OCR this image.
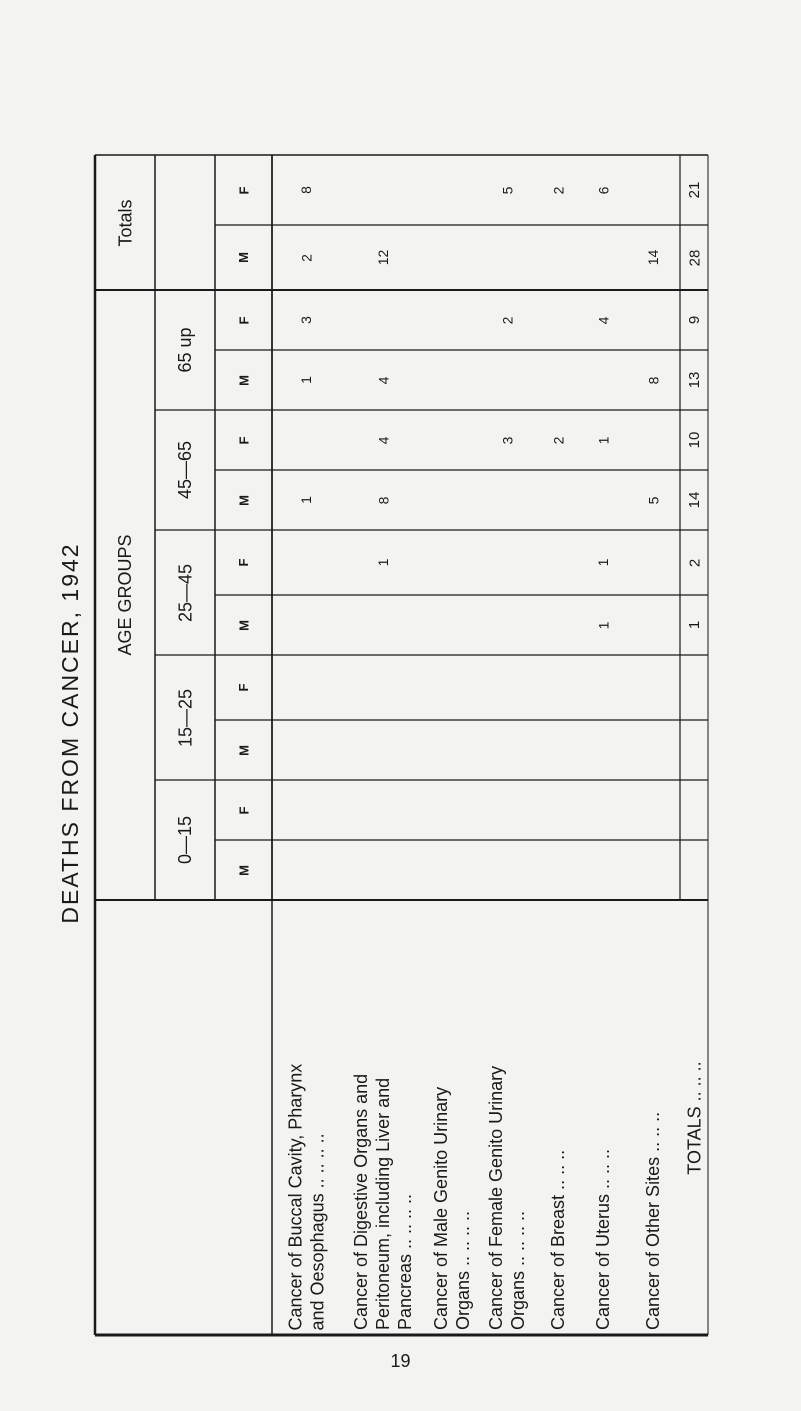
DEATHS FROM CANCER, 1942
Totals
AGE GROUPS
F
M
F
M
F
M
F
M
F
M
F
M
65 up
45—65
25—45
15—25
0—15
8
2
3
1
1
12
4
4
8
1
5
2
3
2
2
6
4
1
1
1
14
8
5
21
28
9
13
10
14
2
1
Cancer of Buccal Cavity, Pharynx and Oesophagus .. .. .. .. Cancer of Digestive Organs and Peritoneum, including Liver and Pancreas .. .. .. .. Cancer of Male Genito Urinary Organs .. .. .. .. Cancer of Female Genito Urinary Organs .. .. .. .. Cancer of Breast .. .. .. Cancer of Uterus .. .. .. Cancer of Other Sites .. .. .. TOTALS .. .. ..
19
